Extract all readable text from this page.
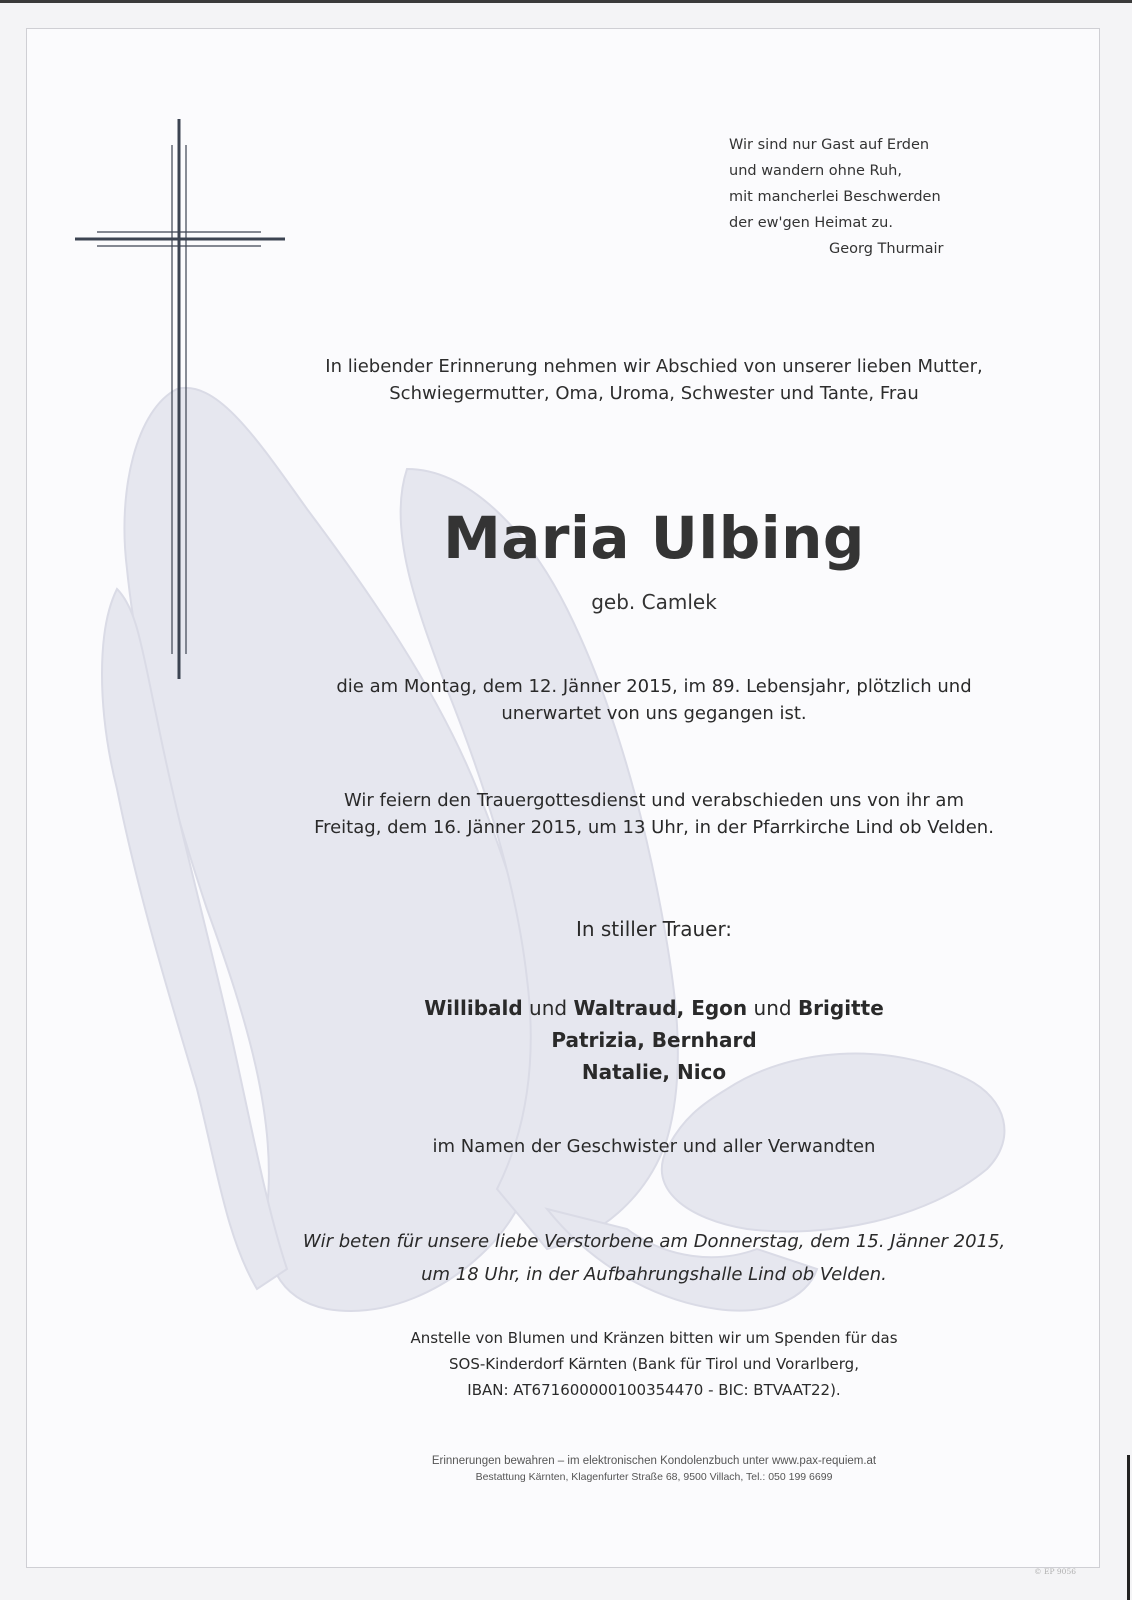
Wir sind nur Gast auf Erden
und wandern ohne Ruh,
mit mancherlei Beschwerden
der ew'gen Heimat zu.
Georg Thurmair
In liebender Erinnerung nehmen wir Abschied von unserer lieben Mutter,
Schwiegermutter, Oma, Uroma, Schwester und Tante, Frau
Maria Ulbing
geb. Camlek
die am Montag, dem 12. Jänner 2015, im 89. Lebensjahr, plötzlich und
unerwartet von uns gegangen ist.
Wir feiern den Trauergottesdienst und verabschieden uns von ihr am
Freitag, dem 16. Jänner 2015, um 13 Uhr, in der Pfarrkirche Lind ob Velden.
In stiller Trauer:
Willibald und Waltraud, Egon und Brigitte
Patrizia, Bernhard
Natalie, Nico
im Namen der Geschwister und aller Verwandten
Wir beten für unsere liebe Verstorbene am Donnerstag, dem 15. Jänner 2015,
um 18 Uhr, in der Aufbahrungshalle Lind ob Velden.
Anstelle von Blumen und Kränzen bitten wir um Spenden für das
SOS-Kinderdorf Kärnten (Bank für Tirol und Vorarlberg,
IBAN: AT671600000100354470 - BIC: BTVAAT22).
Erinnerungen bewahren – im elektronischen Kondolenzbuch unter www.pax-requiem.at
Bestattung Kärnten, Klagenfurter Straße 68, 9500 Villach, Tel.: 050 199 6699
© EP 9056
